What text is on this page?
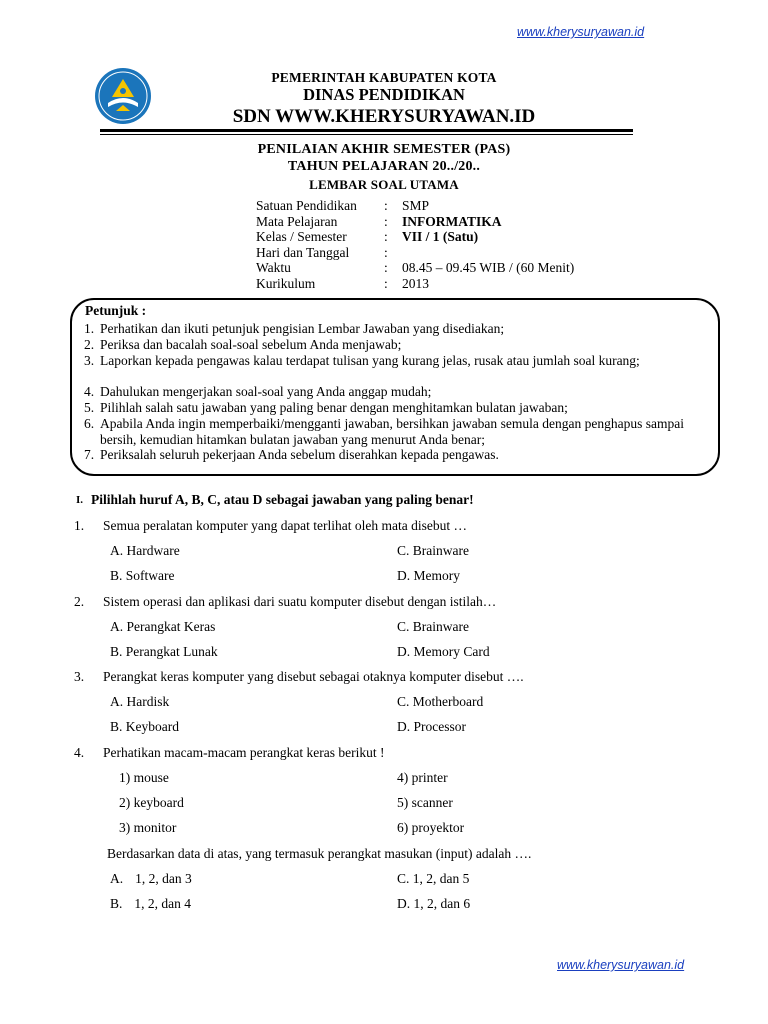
www.kherysuryawan.id
PEMERINTAH KABUPATEN KOTA
DINAS PENDIDIKAN
SDN WWW.KHERYSURYAWAN.ID
PENILAIAN AKHIR SEMESTER (PAS)
TAHUN PELAJARAN 20../20..
LEMBAR SOAL UTAMA
Satuan Pendidikan : SMP
Mata Pelajaran	: INFORMATIKA
Kelas / Semester	: VII / 1 (Satu)
Hari dan Tanggal	:
Waktu	: 08.45 – 09.45 WIB / (60 Menit)
Kurikulum	: 2013
Petunjuk :
1. Perhatikan dan ikuti petunjuk pengisian Lembar Jawaban yang disediakan;
2. Periksa dan bacalah soal-soal sebelum Anda menjawab;
3. Laporkan kepada pengawas kalau terdapat tulisan yang kurang jelas, rusak atau jumlah soal kurang;
4. Dahulukan mengerjakan soal-soal yang Anda anggap mudah;
5. Pilihlah salah satu jawaban yang paling benar dengan menghitamkan bulatan jawaban;
6. Apabila Anda ingin memperbaiki/mengganti jawaban, bersihkan jawaban semula dengan penghapus sampai bersih, kemudian hitamkan bulatan jawaban yang menurut Anda benar;
7. Periksalah seluruh pekerjaan Anda sebelum diserahkan kepada pengawas.
I. Pilihlah huruf A, B, C, atau D sebagai jawaban yang paling benar!
1. Semua peralatan komputer yang dapat terlihat oleh mata disebut …
A. Hardware	C. Brainware
B. Software	D. Memory
2. Sistem operasi dan aplikasi dari suatu komputer disebut dengan istilah…
A. Perangkat Keras	C. Brainware
B. Perangkat Lunak	D. Memory Card
3. Perangkat keras komputer yang disebut sebagai otaknya komputer disebut ….
A. Hardisk	C. Motherboard
B. Keyboard	D. Processor
4. Perhatikan macam-macam perangkat keras berikut !
1) mouse	4) printer
2) keyboard	5) scanner
3) monitor	6) proyektor
Berdasarkan data di atas, yang termasuk perangkat masukan (input) adalah ….
A. 1, 2, dan 3	C. 1, 2, dan 5
B. 1, 2, dan 4	D. 1, 2, dan 6
www.kherysuryawan.id
